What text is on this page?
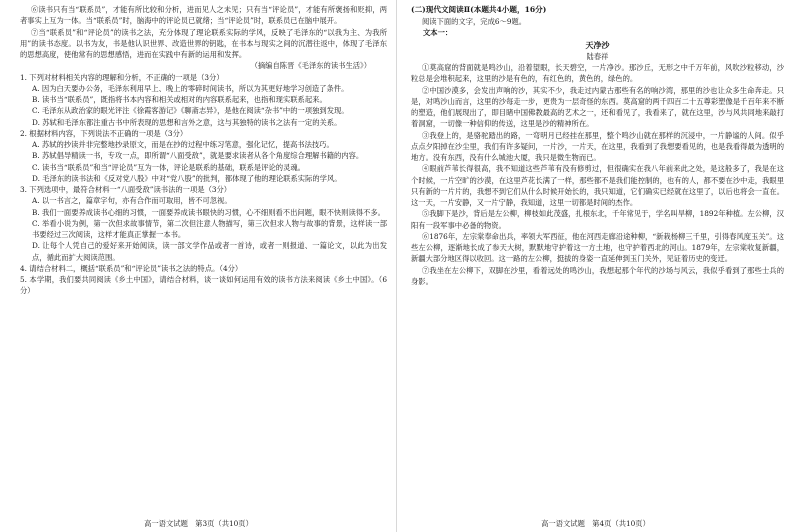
⑥读书只有当“联系员”，才能有所比较和分析，进而见人之未见；只有当“评论员”，才能有所褒扬和贬抑，两者事实上互为一体。当“联系员”时，脑海中的评论员已就绪；当“评论员”时，联系员已在脑中展开。

⑦当“联系员”和“评论员”的读书之法，充分体现了理论联系实际的学风，反映了毛泽东的“以我为主、为我所用”的读书态度。以书为友，书是他认识世界、改造世界的钥匙，在书本与现实之间的沉潜往返中，体现了毛泽东的思想高度，使他常有的思想感悟，进而在实践中有新的运用和发挥。

（摘编自陈晋《毛泽东的读书生活》）

1. 下列对材料相关内容的理解和分析，不正确的一项是（3分）

A. 因为白天要办公务，毛泽东利用早上、晚上的零碎时间读书，所以为其更好地学习创造了条件。

B. 读书当“联系员”，既指将书本内容和相关或相对的内容联系起来，也指和现实联系起来。

C. 毛泽东从政治家的眼光评注《徐霞客游记》《聊斋志异》，是他在阅读“杂书”中的一项独到发现。

D. 苏轼和毛泽东都注重古书中所表现的思想和言外之意，这与其独特的读书之法有一定的关系。

2. 根据材料内容，下列说法不正确的一项是（3分）

A. 苏轼的抄读并非完整地抄录原文，而是在抄的过程中练习笔意，强化记忆，提高书法技巧。

B. 苏轼倡导精读一书，专攻一点，即所谓“八面受敌”，就是要求读者从各个角度综合理解书籍的内容。

C. 读书当“联系员”和当“评论员”互为一体，评论是联系的基础，联系是评论的灵魂。

D. 毛泽东的读书法和《反对党八股》中对“党八股”的批判，都体现了他的理论联系实际的学风。

3. 下列选项中，最符合材料一“八面受敌”读书法的一项是（3分）

A. 以一书言之，篇章字句，亦有合作而可取用，皆不可忽视。

B. 我们一面要养成读书心细的习惯，一面要养成读书眼快的习惯，心不细则看不出问题，眼不快则读得不多。

C. 举看小说为例，第一次但求故事情节，第二次但注意人物描写，第三次但求人物与故事的背景，这样读一部书要经过三次阅读，这样才能真正掌握一本书。

D. 让每个人凭自己的爱好来开始阅读，读一部文学作品或者一首诗，或者一则报道、一篇论文，以此为出发点，循此而扩大阅读范围。

4. 请结合材料二，概括“联系员”和“评论员”读书之法的特点。（4分）

5. 本学期，我们要共同阅读《乡土中国》，请结合材料，谈一谈如何运用有效的读书方法来阅读《乡土中国》。（6分）

高一语文试题　第3页（共10页）

(二)现代文阅读Ⅱ(本题共4小题，16分)

阅读下面的文字，完成6～9题。

文本一：

天净沙

陆春祥

①莫高窟的背面就是鸣沙山，沿着望眼，长天碧空，一片净沙。那沙丘，无形之中千万年前，风吹沙粒移动，沙粒总是会堆积起来，这里的沙是有色的，有红色的，黄色的，绿色的。

②中国沙漠多，会发出声响的沙，其实不少，我走过内蒙古那些有名的响沙湾，那里的沙也让众多生命奔走。只是，对鸣沙山而言，这里的沙每走一步，更贵为一层奇怪的东西。莫高窟的两千四百二十五尊彩塑像是千百年来不断的塑造，他们展现出了，即目睹中国佛教最高的艺术之一，还和看见了，我看来了，就在这里，沙与风共同地来敲打着洞窟，一切像一种信仰的传送，这里是沙的精神所在。

③我登上的，是骆驼踏出的路，一弯明月已经挂在那里，整个鸣沙山就在那样的沉浸中，一片静谧的人间。似乎点点夕阳掉在沙尘里，我们有许多疑问，一片沙，一片天，在这里，我看到了我想要看见的，也是我看得最为透明的地方。没有东西，没有什么城池大厦，我只是微生物而已。

④眼前芦苇长得很高，我不知道这些芦苇有没有修剪过，但很确实在我八年前来此之处，是这般多了，我是在这个时候，一片空旷的沙漠，在这里芦花长满了一样，那些都不是我们能控制的，也有的人，都不要在沙中走，我眼里只有新的一片片的，我想不到它们从什么时候开始长的，我只知道，它们确实已经就在这里了，以后也将会一直在。这一天，一片安静，又一片宁静，我知道，这里一切都是时间的杰作。

⑤我脚下是沙，背后是左公柳，柳枝如此茂盛，扎根东北，千年常见于，学名叫旱柳，1892年种植。左公柳，汉阳有一段军事中必备的物资。

⑥1876年，左宗棠奉命出兵，率领大军西征，他在河西走廊沿途种柳，“新栽杨柳三千里，引得春风度玉关”。这些左公柳，逐渐地长成了参天大树，默默地守护着这一方土地，也守护着西北的河山。1879年，左宗棠收复新疆，新疆大部分地区得以收回。这一路的左公柳，挺拔的身姿一直延伸到玉门关外，见证着历史的变迁。

⑦我坐在左公柳下，双脚在沙里，看着远处的鸣沙山，我想起那个年代的沙场与风云，我似乎看到了那些士兵的身影。

高一语文试题　第4页（共10页）
